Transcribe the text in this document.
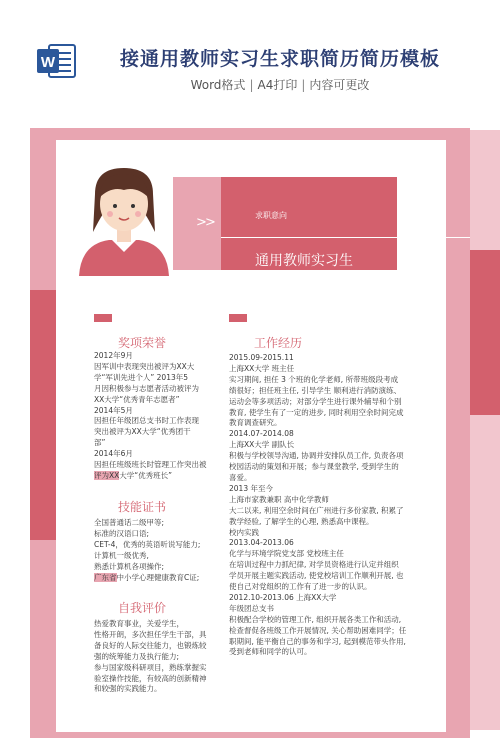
W	接通用教师实习生求职简历简历模板
Word格式 | A4打印 | 内容可更改
> >	求职意向
通用教师实习生
奖项荣誉
2012年9月
因军训中表现突出被评为XX大
学“军训先进个人” 2013年5
月因积极参与志愿者活动被评为
XX大学“优秀青年志愿者”
2014年5月
因担任年级团总支书时工作表现
突出被评为XX大学“优秀团干
部”
2014年6月
因担任班级班长时管理工作突出被
评为XX大学“优秀班长”
技能证书
全国普通话二级甲等;
标准的汉语口语;
CET-4，优秀的英语听说写能力;
计算机一级优秀,
熟悉计算机各项操作;
广东省中小学心理健康教育C证;
自我评价
热爱教育事业，关爱学生，
性格开朗，多次担任学生干部，具
备良好的人际交往能力，也锻炼较
强的统筹能力及执行能力;
参与国家级科研项目，熟练掌握实
验室操作技能，有较高的创新精神
和较强的实践能力。
工作经历
2015.09-2015.11
上海XX大学 班主任
实习期间, 担任 3 个班的化学老师, 所带班级段考成
绩很好；担任班主任, 引导学生 顺利进行消防演练、
运动会等多项活动；对部分学生进行课外辅导和个别
教育, 使学生有了一定的进步, 同时利用空余时间完成
教育调查研究。
2014.07-2014.08
上海XX大学 副队长
积极与学校领导沟通, 协调并安排队员工作, 负责各项
校园活动的策划和开展；参与课堂教学, 受到学生的
喜爱。
2013 年至今
上海市家教兼职 高中化学教师
大二以来, 利用空余时间在广州进行多份家教, 积累了
教学经验, 了解学生的心理, 熟悉高中课程。
校内实践
2013.04-2013.06
化学与环境学院党支部 党校班主任
在培训过程中力抓纪律, 对学员资格进行认定并组织
学员开展主题实践活动, 使党校培训工作顺利开展, 也
使自己对党组织的工作有了进一步的认识。
2012.10-2013.06 上海XX大学
年级团总支书
积极配合学校的管理工作, 组织开展各类工作和活动,
检查督促各班级工作开展情况, 关心帮助困难同学；任
职期间, 能平衡自己的事务和学习, 起到模范带头作用,
受到老师和同学的认可。
